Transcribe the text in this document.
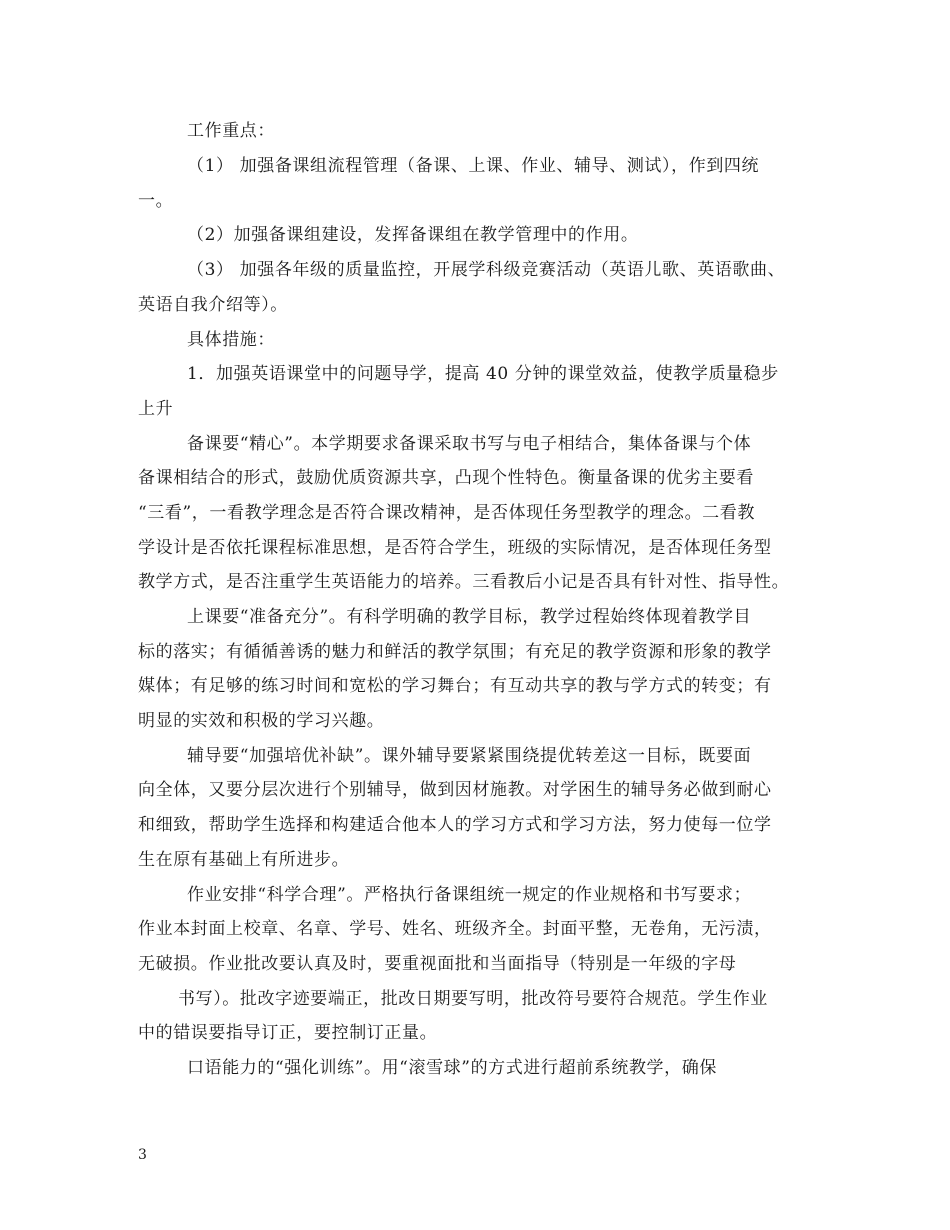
工作重点：
（1） 加强备课组流程管理（备课、上课、作业、辅导、测试），作到四统
一。
（2）加强备课组建设，发挥备课组在教学管理中的作用。
（3） 加强各年级的质量监控，开展学科级竞赛活动（英语儿歌、英语歌曲、
英语自我介绍等）。
具体措施：
1．加强英语课堂中的问题导学，提高 40 分钟的课堂效益，使教学质量稳步
上升
备课要“精心”。本学期要求备课采取书写与电子相结合，集体备课与个体
备课相结合的形式，鼓励优质资源共享，凸现个性特色。衡量备课的优劣主要看
“三看”，一看教学理念是否符合课改精神，是否体现任务型教学的理念。二看教
学设计是否依托课程标准思想，是否符合学生，班级的实际情况，是否体现任务型
教学方式，是否注重学生英语能力的培养。三看教后小记是否具有针对性、指导性。
上课要“准备充分”。有科学明确的教学目标，教学过程始终体现着教学目
标的落实；有循循善诱的魅力和鲜活的教学氛围；有充足的教学资源和形象的教学
媒体；有足够的练习时间和宽松的学习舞台；有互动共享的教与学方式的转变；有
明显的实效和积极的学习兴趣。
辅导要“加强培优补缺”。课外辅导要紧紧围绕提优转差这一目标，既要面
向全体，又要分层次进行个别辅导，做到因材施教。对学困生的辅导务必做到耐心
和细致，帮助学生选择和构建适合他本人的学习方式和学习方法，努力使每一位学
生在原有基础上有所进步。
作业安排“科学合理”。严格执行备课组统一规定的作业规格和书写要求；
作业本封面上校章、名章、学号、姓名、班级齐全。封面平整，无卷角，无污渍，
无破损。作业批改要认真及时，要重视面批和当面指导（特别是一年级的字母
书写）。批改字迹要端正，批改日期要写明，批改符号要符合规范。学生作业
中的错误要指导订正，要控制订正量。
口语能力的“强化训练”。用“滚雪球”的方式进行超前系统教学，确保
3
